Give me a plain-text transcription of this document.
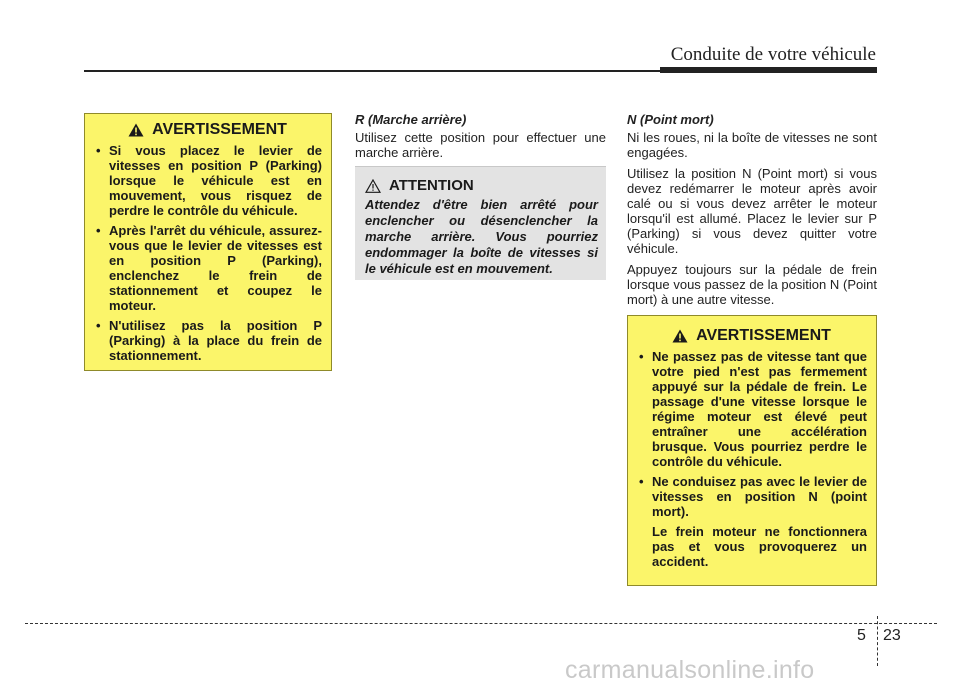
Conduite de votre véhicule
AVERTISSEMENT
• Si vous placez le levier de vitesses en position P (Parking) lorsque le véhicule est en mouvement, vous risquez de perdre le contrôle du véhicule.
• Après l'arrêt du véhicule, assurez-vous que le levier de vitesses est en position P (Parking), enclenchez le frein de stationnement et coupez le moteur.
• N'utilisez pas la position P (Parking) à la place du frein de stationnement.
R (Marche arrière)

Utilisez cette position pour effectuer une marche arrière.

ATTENTION
Attendez d'être bien arrêté pour enclencher ou désenclencher la marche arrière. Vous pourriez endommager la boîte de vitesses si le véhicule est en mouvement.
N (Point mort)

Ni les roues, ni la boîte de vitesses ne sont engagées.

Utilisez la position N (Point mort) si vous devez redémarrer le moteur après avoir calé ou si vous devez arrêter le moteur lorsqu'il est allumé. Placez le levier sur P (Parking) si vous devez quitter votre véhicule.

Appuyez toujours sur la pédale de frein lorsque vous passez de la position N (Point mort) à une autre vitesse.

AVERTISSEMENT
• Ne passez pas de vitesse tant que votre pied n'est pas fermement appuyé sur la pédale de frein. Le passage d'une vitesse lorsque le régime moteur est élevé peut entraîner une accélération brusque. Vous pourriez perdre le contrôle du véhicule.
• Ne conduisez pas avec le levier de vitesses en position N (point mort).

Le frein moteur ne fonctionnera pas et vous provoquerez un accident.

5 23
carmanualsonline.info
